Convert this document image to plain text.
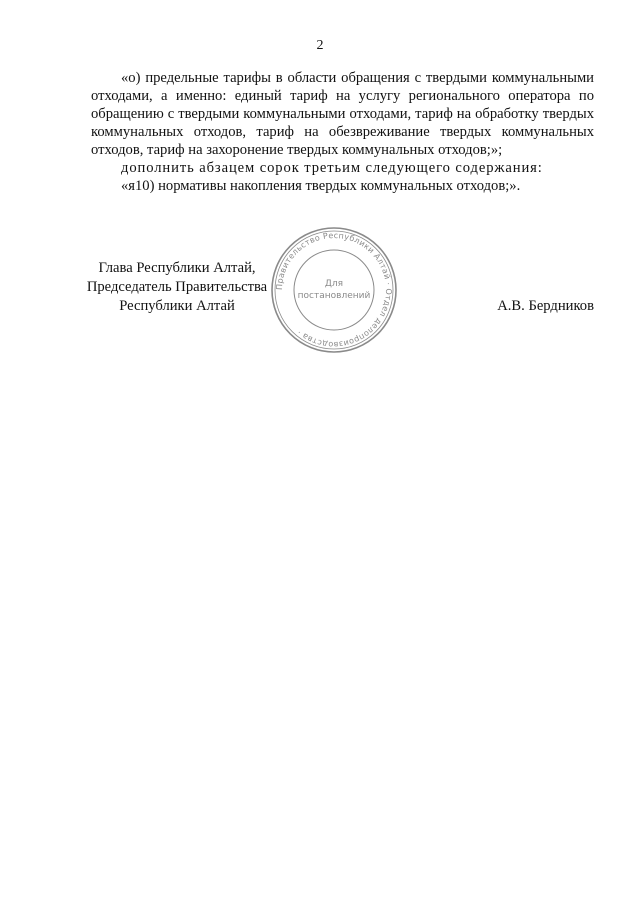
2

«о) предельные тарифы в области обращения с твердыми коммунальными отходами, а именно: единый тариф на услугу регионального оператора по обращению с твердыми коммунальными отходами, тариф на обработку твердых коммунальных отходов, тариф на обезвреживание твердых коммунальных отходов, тариф на захоронение твердых коммунальных отходов;»;

дополнить абзацем сорок третьим следующего содержания:

«я10) нормативы накопления твердых коммунальных отходов;».

Глава Республики Алтай,
Председатель Правительства
Республики Алтай
Правительство Республики Алтай · Отдел делопроизводства ·
Для
постановлений
А.В. Бердников
